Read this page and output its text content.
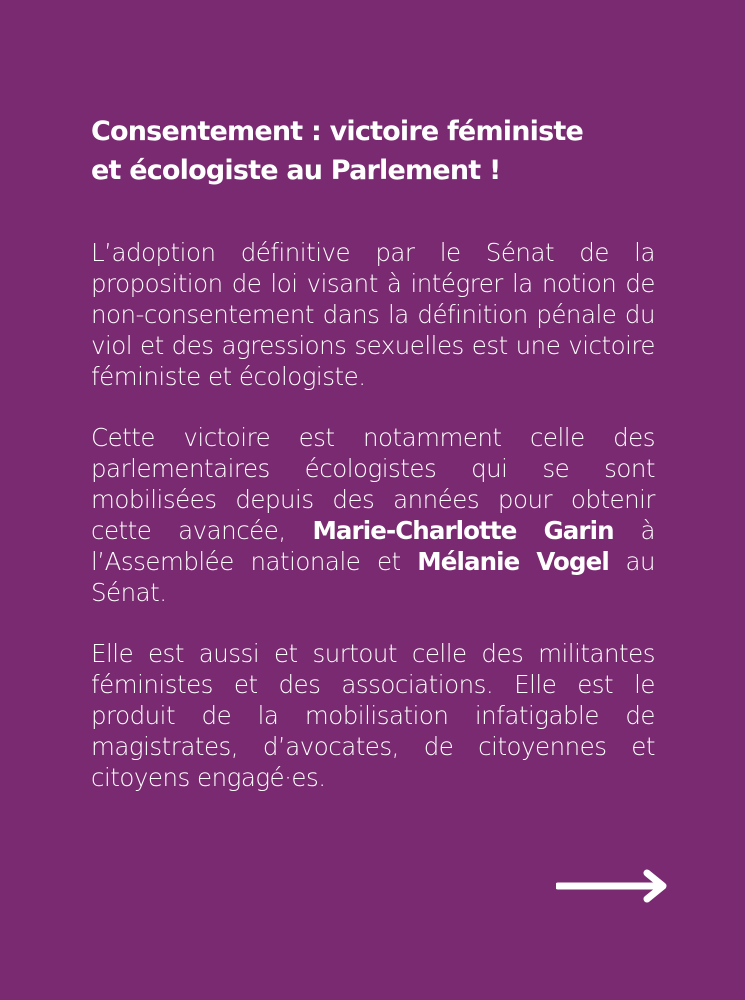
Consentement : victoire féministe
et écologiste au Parlement !

L’adoption définitive par le Sénat de la proposition de loi visant à intégrer la notion de non-consentement dans la définition pénale du viol et des agressions sexuelles est une victoire féministe et écologiste.

Cette victoire est notamment celle des parlementaires écologistes qui se sont mobilisées depuis des années pour obtenir cette avancée, Marie-Charlotte Garin à l’Assemblée nationale et Mélanie Vogel au Sénat.

Elle est aussi et surtout celle des militantes féministes et des associations. Elle est le produit de la mobilisation infatigable de magistrates, d’avocates, de citoyennes et citoyens engagé·es.
